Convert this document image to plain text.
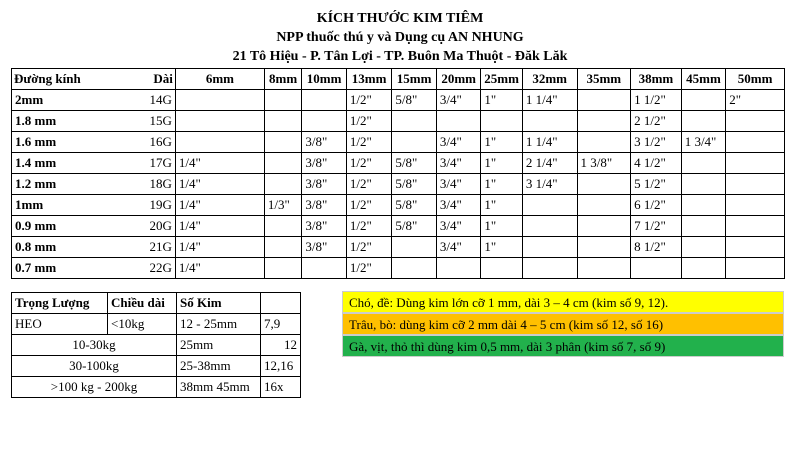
KÍCH THƯỚC KIM TIÊM
NPP thuốc thú y và Dụng cụ AN NHUNG
21 Tô Hiệu - P. Tân Lợi - TP. Buôn Ma Thuột - Đăk Lăk
Đường kính	Dài	6mm	8mm	10mm	13mm	15mm	20mm	25mm	32mm	35mm	38mm	45mm	50mm
2mm	14G				1/2"	5/8"	3/4"	1"	1 1/4"		1 1/2"		2"
1.8 mm	15G				1/2"						2 1/2"		
1.6 mm	16G			3/8"	1/2"		3/4"	1"	1 1/4"		3 1/2"	1 3/4"	
1.4 mm	17G	1/4"		3/8"	1/2"	5/8"	3/4"	1"	2 1/4"	1 3/8"	4 1/2"		
1.2 mm	18G	1/4"		3/8"	1/2"	5/8"	3/4"	1"	3 1/4"		5 1/2"		
1mm	19G	1/4"	1/3"	3/8"	1/2"	5/8"	3/4"	1"			6 1/2"		
0.9 mm	20G	1/4"		3/8"	1/2"	5/8"	3/4"	1"			7 1/2"		
0.8 mm	21G	1/4"		3/8"	1/2"		3/4"	1"			8 1/2"		
0.7 mm	22G	1/4"			1/2"								
Trọng Lượng	Chiều dài	Số Kim	
HEO	<10kg	12 - 25mm	7,9
10-30kg		25mm	12
30-100kg		25-38mm	12,16
>100 kg - 200kg		38mm 45mm	16x
Chó, đề: Dùng kim lớn cỡ 1 mm, dài 3 – 4 cm (kim số 9, 12).
Trâu, bò: dùng kim cỡ 2 mm dài 4 – 5 cm (kim số 12, số 16)
Gà, vịt, thỏ thì dùng kim 0,5 mm, dài 3 phân (kim số 7, số 9)
